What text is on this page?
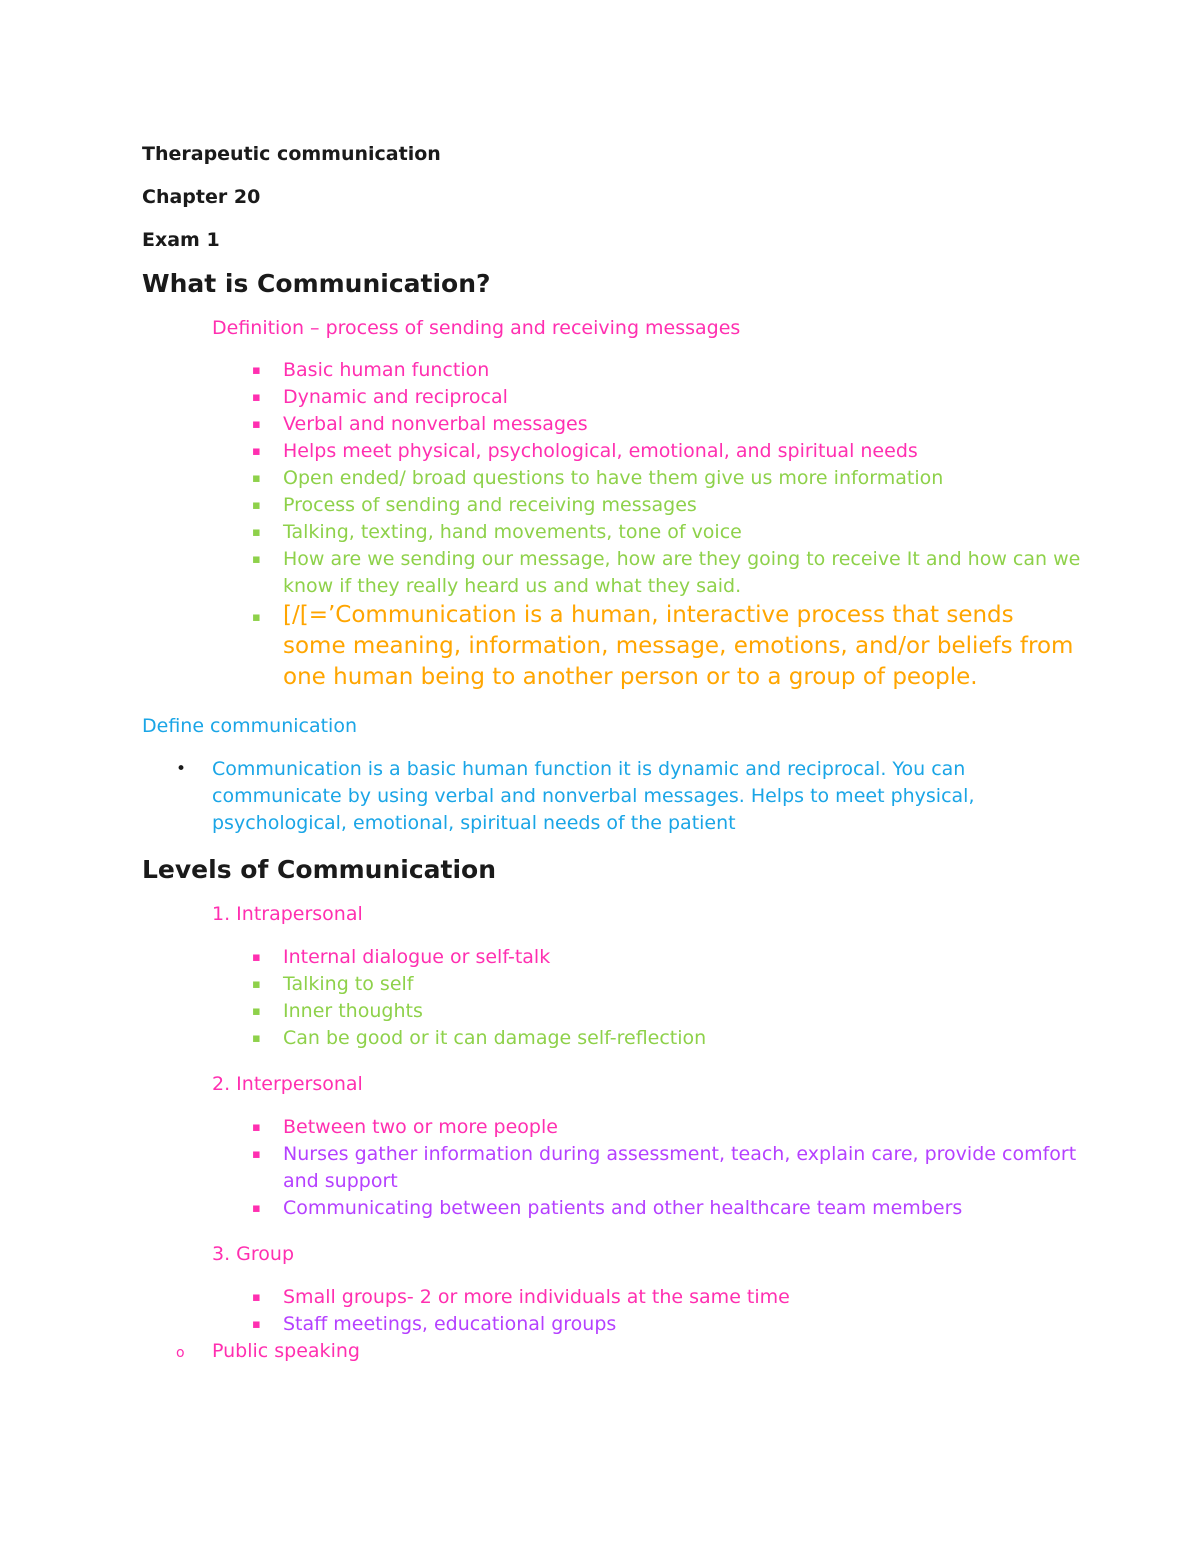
Therapeutic communication

Chapter 20

Exam 1

What is Communication?

Definition – process of sending and receiving messages

▪ Basic human function
▪ Dynamic and reciprocal
▪ Verbal and nonverbal messages
▪ Helps meet physical, psychological, emotional, and spiritual needs
▪ Open ended/ broad questions to have them give us more information
▪ Process of sending and receiving messages
▪ Talking, texting, hand movements, tone of voice
▪ How are we sending our message, how are they going to receive It and how can we know if they really heard us and what they said.
▪ [/[=’Communication is a human, interactive process that sends some meaning, information, message, emotions, and/or beliefs from one human being to another person or to a group of people.

Define communication

• Communication is a basic human function it is dynamic and reciprocal. You can communicate by using verbal and nonverbal messages. Helps to meet physical, psychological, emotional, spiritual needs of the patient
Levels of Communication

1. Intrapersonal

▪ Internal dialogue or self-talk
▪ Talking to self
▪ Inner thoughts
▪ Can be good or it can damage self-reflection

2. Interpersonal

▪ Between two or more people
▪ Nurses gather information during assessment, teach, explain care, provide comfort and support
▪ Communicating between patients and other healthcare team members

3. Group

▪ Small groups- 2 or more individuals at the same time
▪ Staff meetings, educational groups
o Public speaking
